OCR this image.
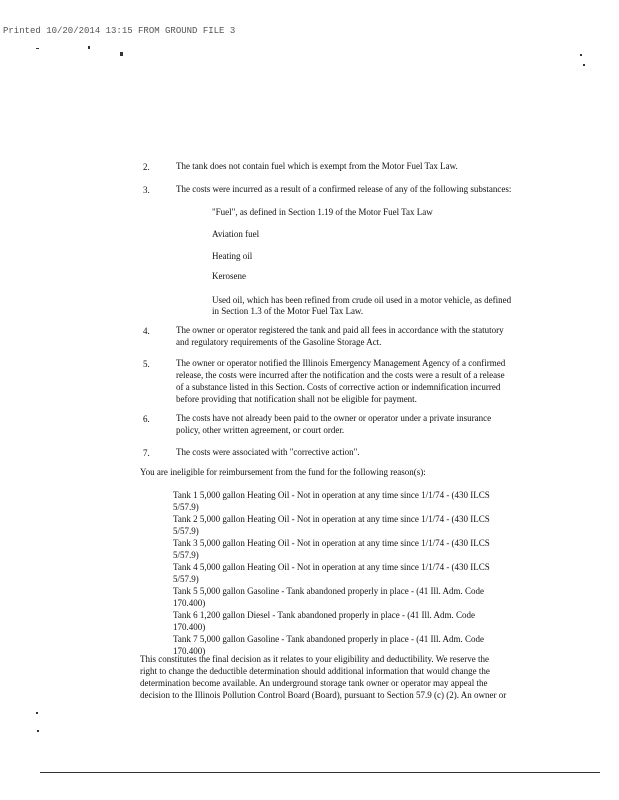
Printed 10/20/2014 13:15 FROM GROUND FILE 3
2.	The tank does not contain fuel which is exempt from the Motor Fuel Tax Law.
3.	The costs were incurred as a result of a confirmed release of any of the following substances:
"Fuel", as defined in Section 1.19 of the Motor Fuel Tax Law
Aviation fuel
Heating oil
Kerosene
Used oil, which has been refined from crude oil used in a motor vehicle, as defined
in Section 1.3 of the Motor Fuel Tax Law.
4.	The owner or operator registered the tank and paid all fees in accordance with the statutory
and regulatory requirements of the Gasoline Storage Act.
5.	The owner or operator notified the Illinois Emergency Management Agency of a confirmed
release, the costs were incurred after the notification and the costs were a result of a release
of a substance listed in this Section. Costs of corrective action or indemnification incurred
before providing that notification shall not be eligible for payment.
6.	The costs have not already been paid to the owner or operator under a private insurance
policy, other written agreement, or court order.
7.	The costs were associated with "corrective action".
You are ineligible for reimbursement from the fund for the following reason(s):
Tank 1 5,000 gallon Heating Oil - Not in operation at any time since 1/1/74 - (430 ILCS
5/57.9)
Tank 2 5,000 gallon Heating Oil - Not in operation at any time since 1/1/74 - (430 ILCS
5/57.9)
Tank 3 5,000 gallon Heating Oil - Not in operation at any time since 1/1/74 - (430 ILCS
5/57.9)
Tank 4 5,000 gallon Heating Oil - Not in operation at any time since 1/1/74 - (430 ILCS
5/57.9)
Tank 5 5,000 gallon Gasoline - Tank abandoned properly in place - (41 Ill. Adm. Code
170.400)
Tank 6 1,200 gallon Diesel - Tank abandoned properly in place - (41 Ill. Adm. Code
170.400)
Tank 7 5,000 gallon Gasoline - Tank abandoned properly in place - (41 Ill. Adm. Code
170.400)
This constitutes the final decision as it relates to your eligibility and deductibility. We reserve the
right to change the deductible determination should additional information that would change the
determination become available. An underground storage tank owner or operator may appeal the
decision to the Illinois Pollution Control Board (Board), pursuant to Section 57.9 (c) (2). An owner or
